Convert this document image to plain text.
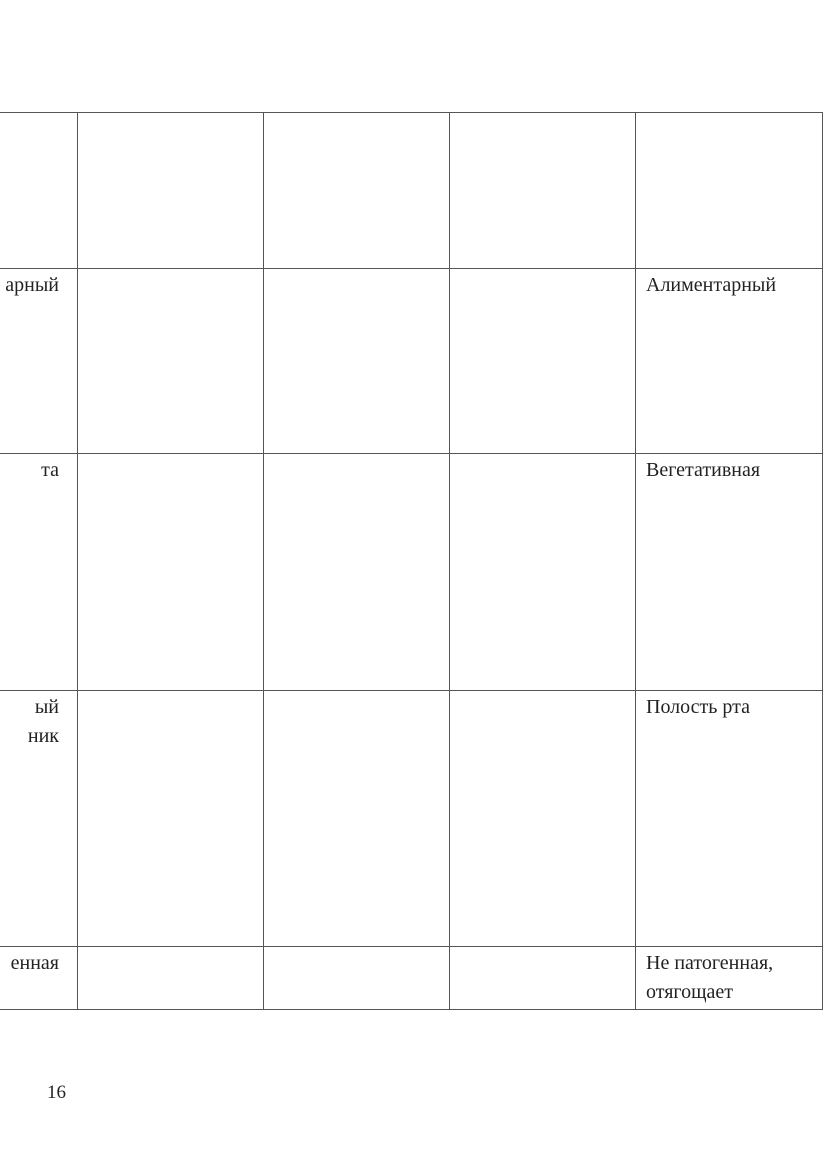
арный				Алиментарный

та				Вегетативная

ый
ник				Полость рта

енная				Не патогенная,
отягощает
16
